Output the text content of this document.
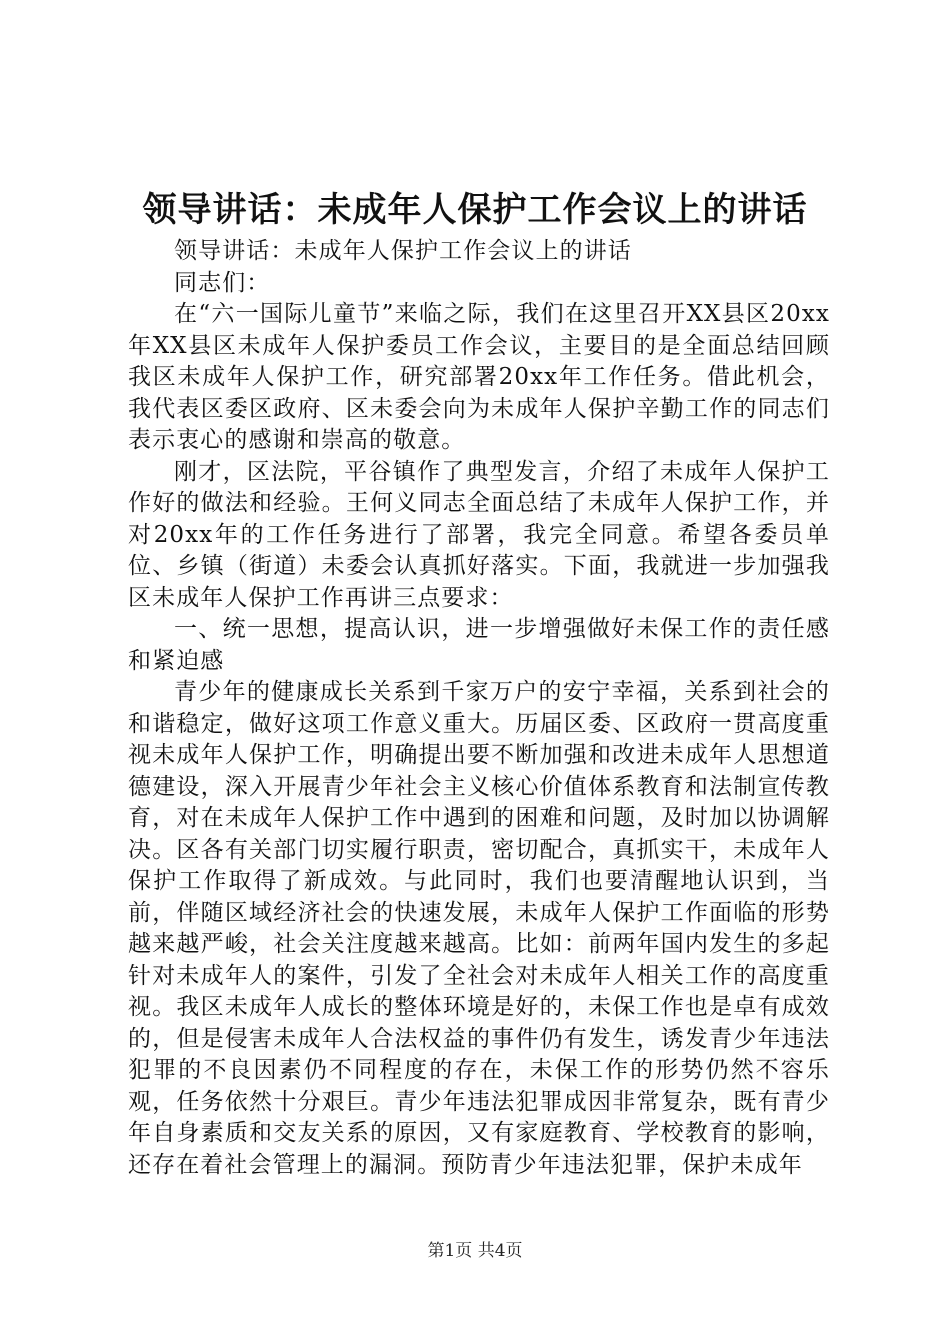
领导讲话：未成年人保护工作会议上的讲话

领导讲话：未成年人保护工作会议上的讲话

同志们：

在“六一国际儿童节”来临之际，我们在这里召开XX县区20xx年XX县区未成年人保护委员工作会议，主要目的是全面总结回顾我区未成年人保护工作，研究部署20xx年工作任务。借此机会，我代表区委区政府、区未委会向为未成年人保护辛勤工作的同志们表示衷心的感谢和崇高的敬意。

刚才，区法院，平谷镇作了典型发言，介绍了未成年人保护工作好的做法和经验。王何义同志全面总结了未成年人保护工作，并对20xx年的工作任务进行了部署，我完全同意。希望各委员单位、乡镇（街道）未委会认真抓好落实。下面，我就进一步加强我区未成年人保护工作再讲三点要求：

一、统一思想，提高认识，进一步增强做好未保工作的责任感和紧迫感

青少年的健康成长关系到千家万户的安宁幸福，关系到社会的和谐稳定，做好这项工作意义重大。历届区委、区政府一贯高度重视未成年人保护工作，明确提出要不断加强和改进未成年人思想道德建设，深入开展青少年社会主义核心价值体系教育和法制宣传教育，对在未成年人保护工作中遇到的困难和问题，及时加以协调解决。区各有关部门切实履行职责，密切配合，真抓实干，未成年人保护工作取得了新成效。与此同时，我们也要清醒地认识到，当前，伴随区域经济社会的快速发展，未成年人保护工作面临的形势越来越严峻，社会关注度越来越高。比如：前两年国内发生的多起针对未成年人的案件，引发了全社会对未成年人相关工作的高度重视。我区未成年人成长的整体环境是好的，未保工作也是卓有成效的，但是侵害未成年人合法权益的事件仍有发生，诱发青少年违法犯罪的不良因素仍不同程度的存在，未保工作的形势仍然不容乐观，任务依然十分艰巨。青少年违法犯罪成因非常复杂，既有青少年自身素质和交友关系的原因，又有家庭教育、学校教育的影响，还存在着社会管理上的漏洞。预防青少年违法犯罪，保护未成年

第1页 共4页
